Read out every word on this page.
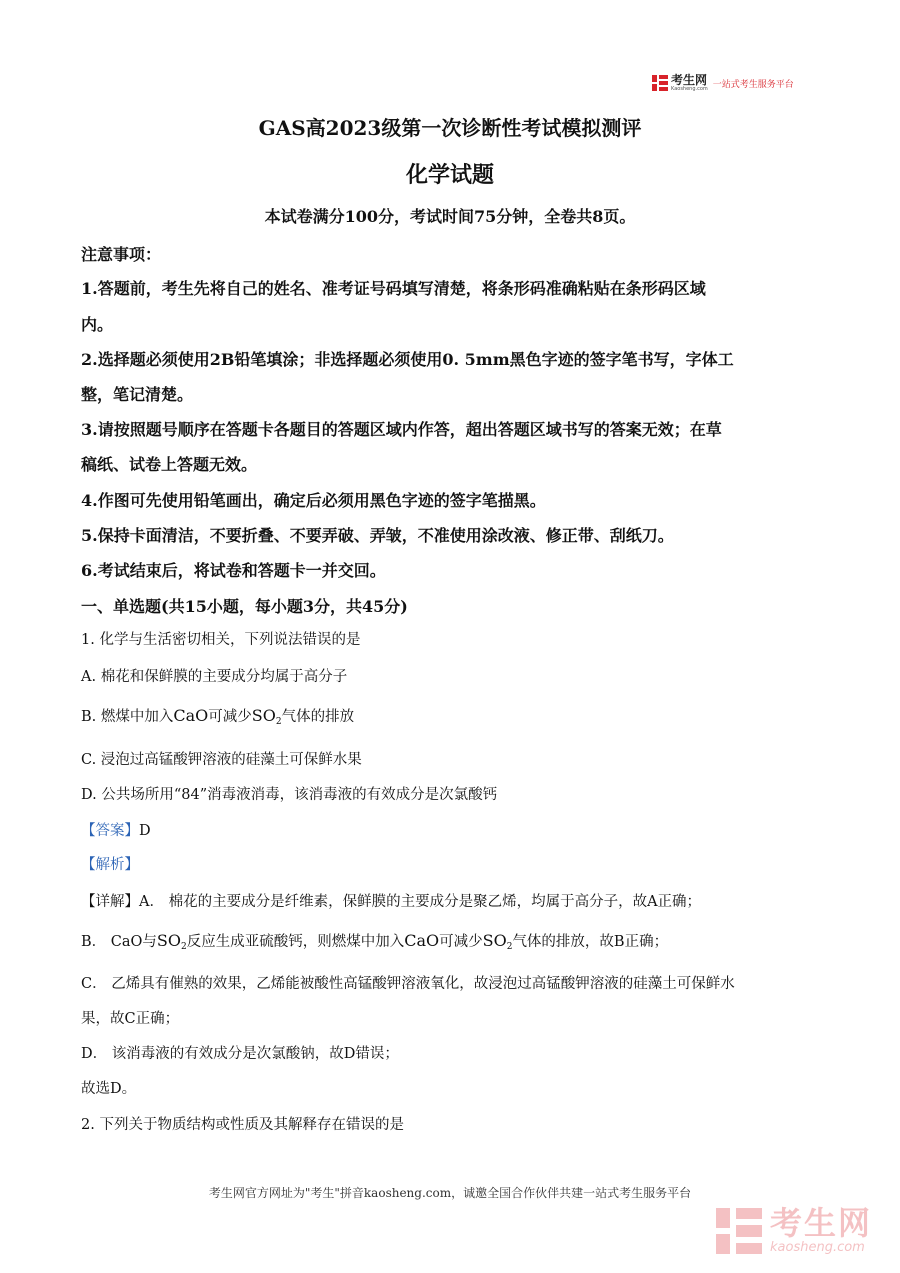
考生网
Kaosheng.com 一站式考生服务平台
GAS高2023级第一次诊断性考试模拟测评
化学试题
本试卷满分100分，考试时间75分钟，全卷共8页。
注意事项：
1.答题前，考生先将自己的姓名、准考证号码填写清楚，将条形码准确粘贴在条形码区域
内。
2.选择题必须使用2B铅笔填涂；非选择题必须使用0. 5mm黑色字迹的签字笔书写，字体工
整，笔记清楚。
3.请按照题号顺序在答题卡各题目的答题区域内作答，超出答题区域书写的答案无效；在草
稿纸、试卷上答题无效。
4.作图可先使用铅笔画出，确定后必须用黑色字迹的签字笔描黑。
5.保持卡面清洁，不要折叠、不要弄破、弄皱，不准使用涂改液、修正带、刮纸刀。
6.考试结束后，将试卷和答题卡一并交回。
一、单选题(共15小题，每小题3分，共45分)
1. 化学与生活密切相关，下列说法错误的是
A. 棉花和保鲜膜的主要成分均属于高分子
B. 燃煤中加入CaO可减少$SO_2$气体的排放
C. 浸泡过高锰酸钾溶液的硅藻土可保鲜水果
D. 公共场所用“84”消毒液消毒，该消毒液的有效成分是次氯酸钙
【答案】D
【解析】
【详解】A． 棉花的主要成分是纤维素，保鲜膜的主要成分是聚乙烯，均属于高分子，故A正确；
B． CaO与$SO_2$反应生成亚硫酸钙，则燃煤中加入CaO可减少$SO_2$气体的排放，故B正确；
C． 乙烯具有催熟的效果，乙烯能被酸性高锰酸钾溶液氧化，故浸泡过高锰酸钾溶液的硅藻土可保鲜水
果，故C正确；
D． 该消毒液的有效成分是次氯酸钠，故D错误；
故选D。
2. 下列关于物质结构或性质及其解释存在错误的是
考生网官方网址为"考生"拼音kaosheng.com，诚邀全国合作伙伴共建一站式考生服务平台
考生网
kaosheng.com
